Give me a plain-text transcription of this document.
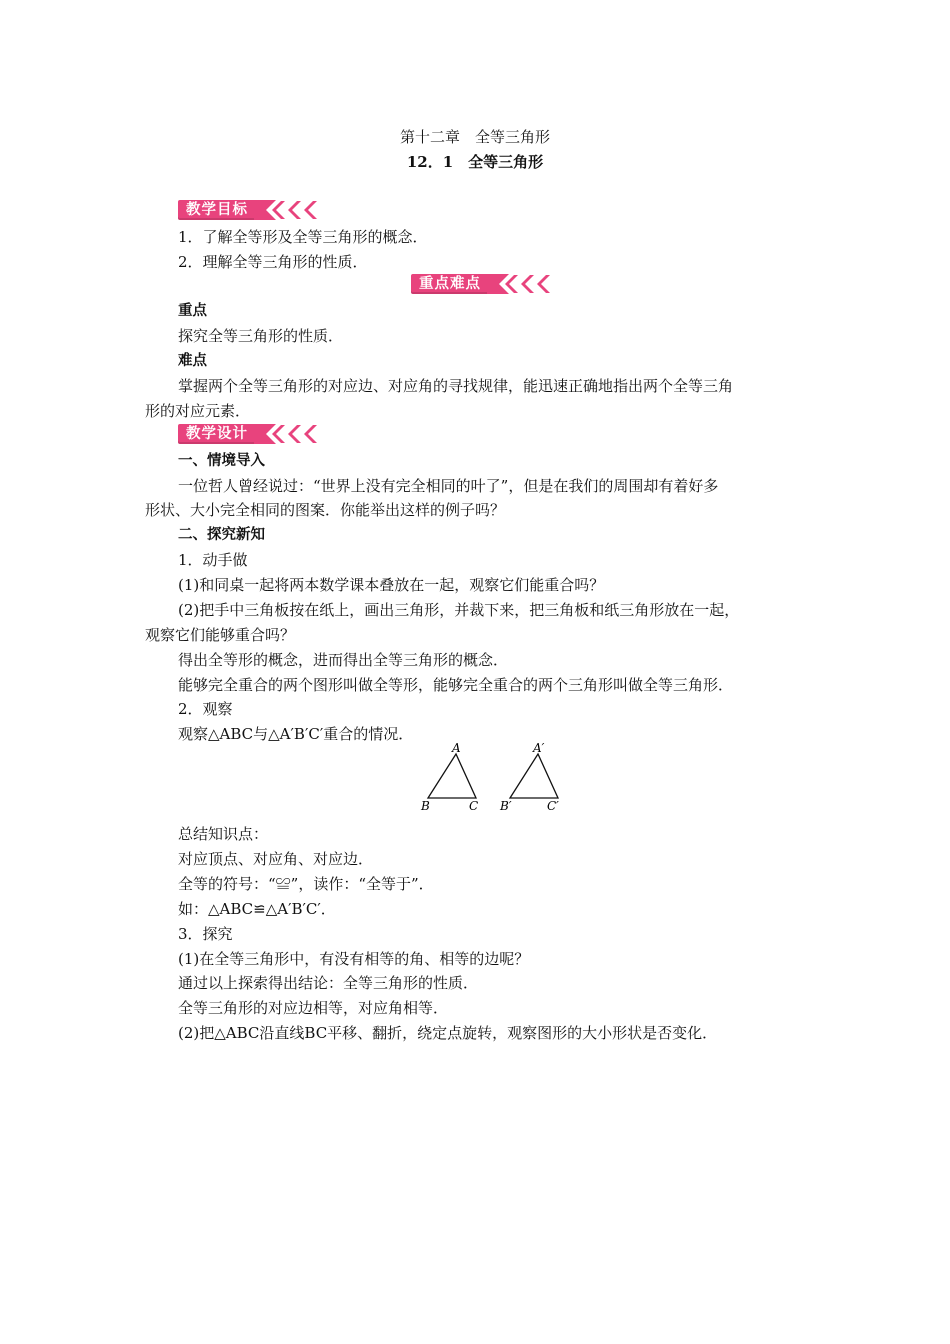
第十二章　全等三角形
12．1　全等三角形
教学目标
1．了解全等形及全等三角形的概念．
2．理解全等三角形的性质．
重点难点
重点
探究全等三角形的性质．
难点
掌握两个全等三角形的对应边、对应角的寻找规律，能迅速正确地指出两个全等三角
形的对应元素．
教学设计
一、情境导入
一位哲人曾经说过：“世界上没有完全相同的叶了”，但是在我们的周围却有着好多
形状、大小完全相同的图案．你能举出这样的例子吗？
二、探究新知
1．动手做
(1)和同桌一起将两本数学课本叠放在一起，观察它们能重合吗？
(2)把手中三角板按在纸上，画出三角形，并裁下来，把三角板和纸三角形放在一起，
观察它们能够重合吗？
得出全等形的概念，进而得出全等三角形的概念．
能够完全重合的两个图形叫做全等形，能够完全重合的两个三角形叫做全等三角形．
2．观察
观察△ABC与△A′B′C′重合的情况．
A
B	C
A′
B′	C′
总结知识点：
对应顶点、对应角、对应边．
全等的符号：“≌”，读作：“全等于”．
如：△ABC≌△A′B′C′．
3．探究
(1)在全等三角形中，有没有相等的角、相等的边呢？
通过以上探索得出结论：全等三角形的性质．
全等三角形的对应边相等，对应角相等．
(2)把△ABC沿直线BC平移、翻折，绕定点旋转，观察图形的大小形状是否变化．
